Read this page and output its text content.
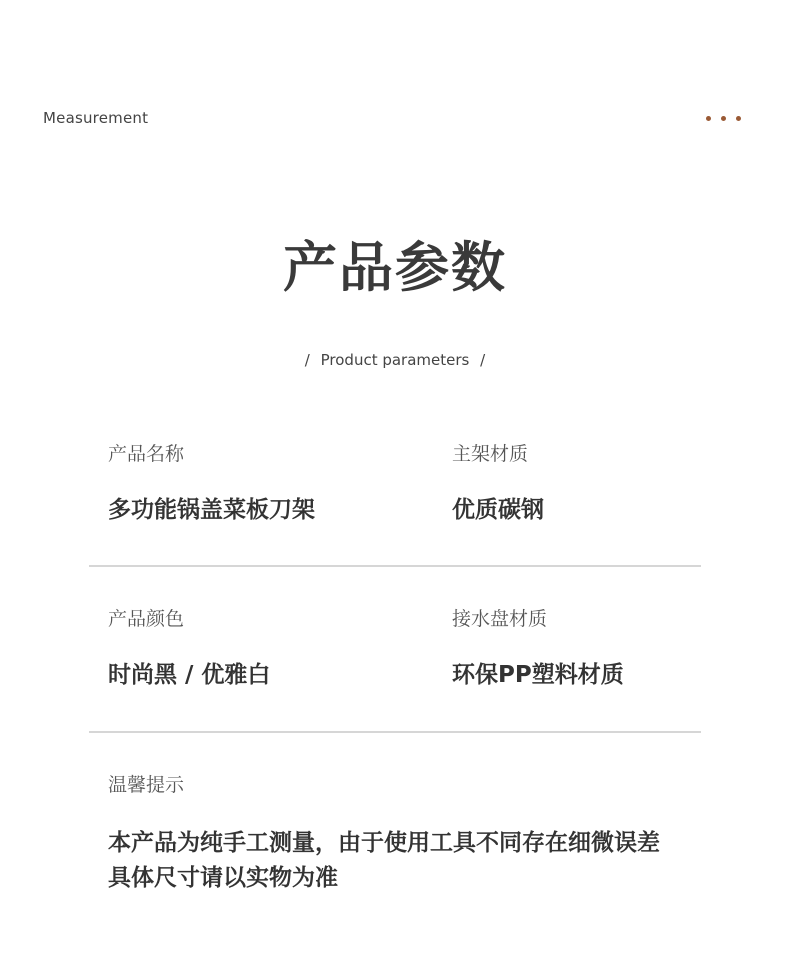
Measurement
产品参数
/ Product parameters /
产品名称
多功能锅盖菜板刀架
主架材质
优质碳钢
产品颜色
时尚黑 / 优雅白
接水盘材质
环保PP塑料材质
温馨提示
本产品为纯手工测量，由于使用工具不同存在细微误差
具体尺寸请以实物为准
